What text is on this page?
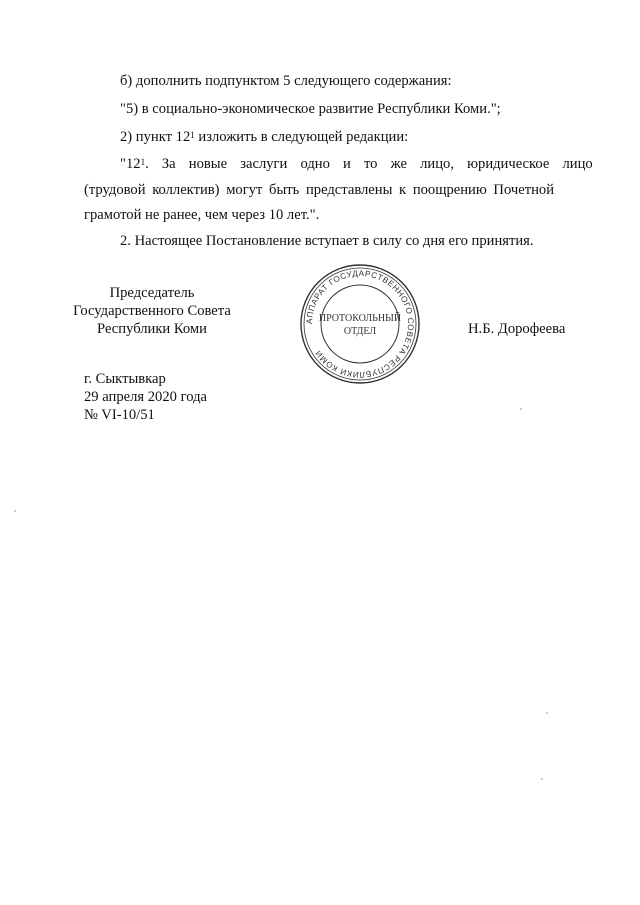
б) дополнить подпунктом 5 следующего содержания:
"5) в социально-экономическое развитие Республики Коми.";
2) пункт $12^1$ изложить в следующей редакции:
"$12^1$. За новые заслуги одно и то же лицо, юридическое лицо
(трудовой коллектив) могут быть представлены к поощрению Почетной
грамотой не ранее, чем через 10 лет.".
2. Настоящее Постановление вступает в силу со дня его принятия.
Председатель
Государственного Совета
Республики Коми
АППАРАТ ГОСУДАРСТВЕННОГО СОВЕТА РЕСПУБЛИКИ КОМИ
ПРОТОКОЛЬНЫЙ
ОТДЕЛ	Н.Б. Дорофеева
г. Сыктывкар
29 апреля 2020 года
№ VI-10/51
